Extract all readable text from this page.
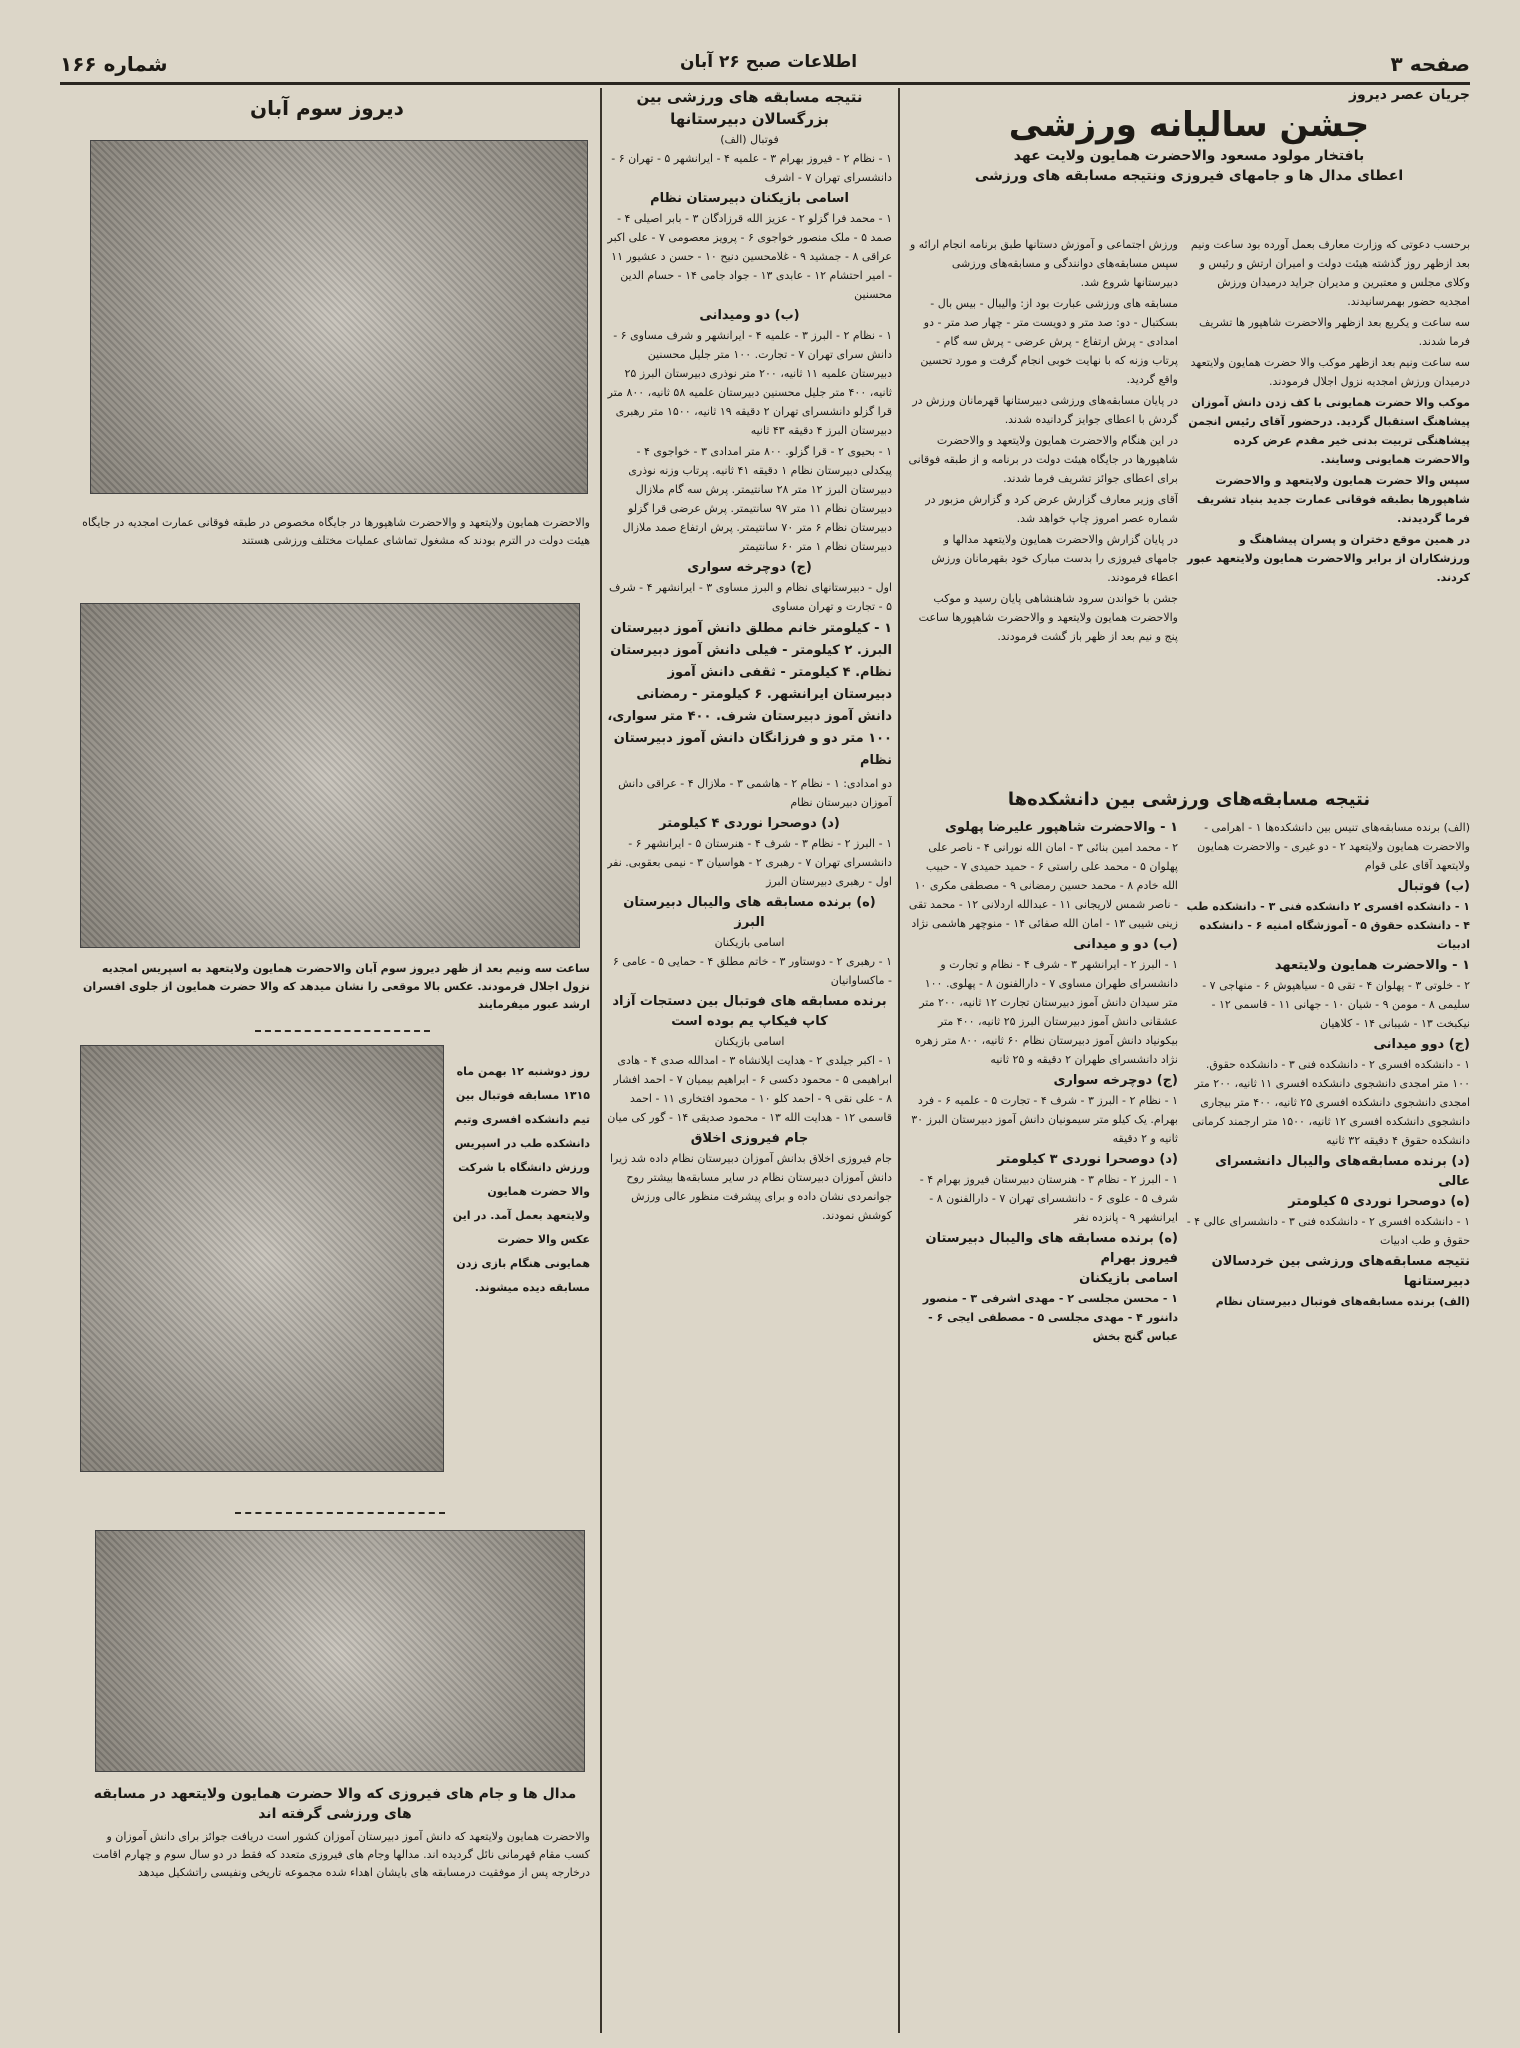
صفحه ۳
اطلاعات صبح ۲۶ آبان
شماره ۱۶۶
جریان عصر دیروز
جشن سالیانه ورزشی
بافتخار مولود مسعود والاحضرت همایون ولایت عهد
اعطای مدال ها و جامهای فیروزی ونتیجه مسابقه های ورزشی

برحسب دعوتی که وزارت معارف بعمل آورده بود ساعت ونیم بعد ازظهر روز گذشته هیئت دولت و امیران ارتش و رئیس و وکلای مجلس و معتبرین و مدیران جراید درمیدان ورزش امجدیه حضور بهمرسانیدند.

سه ساعت و یکربع بعد ازظهر والاحضرت شاهپور ها تشریف فرما شدند.

سه ساعت ونیم بعد ازظهر موکب والا حضرت همایون ولایتعهد درمیدان ورزش امجدیه نزول اجلال فرمودند.

موکب والا حضرت همایونی با کف زدن دانش آموزان پیشاهنگ استقبال گردید. درحضور آقای رئیس انجمن پیشاهنگی تربیت بدنی خیر مقدم عرض کرده والاحضرت همایونی وسایند.

سپس والا حضرت همایون ولایتعهد و والاحضرت شاهپورها بطبقه فوقانی عمارت جدید بنیاد تشریف فرما گردیدند.

در همین موقع دختران و پسران پیشاهنگ و ورزشکاران از برابر والاحضرت همایون ولایتعهد عبور کردند.

ورزش اجتماعی و آموزش دستانها طبق برنامه انجام ارائه و سپس مسابقه‌های دوانندگی و مسابقه‌های ورزشی دبیرستانها شروع شد.

مسابقه های ورزشی عبارت بود از: والیبال - بیس بال - بسکتبال - دو: صد متر و دویست متر - چهار صد متر - دو امدادی - پرش ارتفاع - پرش عرضی - پرش سه گام - پرتاب وزنه که با نهایت خوبی انجام گرفت و مورد تحسین واقع گردید.

در پایان مسابقه‌های ورزشی دبیرستانها قهرمانان ورزش در گردش با اعطای جوایز گردانیده شدند.

در این هنگام والاحضرت همایون ولایتعهد و والاحضرت شاهپورها در جایگاه هیئت دولت در برنامه و از طبقه فوقانی برای اعطای جوائز تشریف فرما شدند.

آقای وزیر معارف گزارش عرض کرد و گزارش مزبور در شماره عصر امروز چاپ خواهد شد.

در پایان گزارش والاحضرت همایون ولایتعهد مدالها و جامهای فیروزی را بدست مبارک خود بقهرمانان ورزش اعطاء فرمودند.

جشن با خواندن سرود شاهنشاهی پایان رسید و موکب والاحضرت همایون ولایتعهد و والاحضرت شاهپورها ساعت پنج و نیم بعد از ظهر باز گشت فرمودند.

نتیجه مسابقه‌های ورزشی بین دانشکده‌ها

(الف) برنده مسابقه‌های تنیس بین دانشکده‌ها ۱ - اهرامی - والاحضرت همایون ولایتعهد ۲ - دو غیری - والاحضرت همایون ولایتعهد آقای علی قوام

(ب) فوتبال

۱ - دانشکده افسری ۲ دانشکده فنی ۳ - دانشکده طب ۴ - دانشکده حقوق ۵ - آموزشگاه امنیه ۶ - دانشکده ادبیات

۱ - والاحضرت همایون ولایتعهد

۲ - خلوتی ۳ - پهلوان ۴ - تقی ۵ - سیاهپوش ۶ - منهاجی ۷ - سلیمی ۸ - مومن ۹ - شیان ۱۰ - جهانی ۱۱ - قاسمی ۱۲ - نیکبخت ۱۳ - شیبانی ۱۴ - کلاهیان

(ج) دوو میدانی

۱ - دانشکده افسری ۲ - دانشکده فنی ۳ - دانشکده حقوق. ۱۰۰ متر امجدی دانشجوی دانشکده افسری ۱۱ ثانیه، ۲۰۰ متر امجدی دانشجوی دانشکده افسری ۲۵ ثانیه، ۴۰۰ متر بیجاری دانشجوی دانشکده افسری ۱۲ ثانیه، ۱۵۰۰ متر ارجمند کرمانی دانشکده حقوق ۴ دقیقه ۳۲ ثانیه

(د) برنده مسابقه‌های والیبال دانشسرای عالی
(ه) دوصحرا نوردی ۵ کیلومتر

۱ - دانشکده افسری ۲ - دانشکده فنی ۳ - دانشسرای عالی ۴ - حقوق و طب ادبیات

نتیجه مسابقه‌های ورزشی بین خردسالان دبیرستانها

(الف) برنده مسابقه‌های فوتبال دبیرستان نظام

۱ - والاحضرت شاهپور علیرضا پهلوی

۲ - محمد امین بنائی ۳ - امان الله نورانی ۴ - ناصر علی پهلوان ۵ - محمد علی راستی ۶ - حمید حمیدی ۷ - حبیب الله خادم ۸ - محمد حسین رمضانی ۹ - مصطفی مکری ۱۰ - ناصر شمس لاریجانی ۱۱ - عبدالله اردلانی ۱۲ - محمد تقی زینی شیبی ۱۳ - امان الله صفائی ۱۴ - منوچهر هاشمی نژاد

(ب) دو و میدانی

۱ - البرز ۲ - ایرانشهر ۳ - شرف ۴ - نظام و تجارت و دانشسرای طهران مساوی ۷ - دارالفنون ۸ - پهلوی. ۱۰۰ متر سیدان دانش آموز دبیرستان تجارت ۱۲ ثانیه، ۲۰۰ متر عشقانی دانش آموز دبیرستان البرز ۲۵ ثانیه، ۴۰۰ متر بیکونیاد دانش آموز دبیرستان نظام ۶۰ ثانیه، ۸۰۰ متر زهره نژاد دانشسرای طهران ۲ دقیقه و ۲۵ ثانیه

(ج) دوچرخه سواری

۱ - نظام ۲ - البرز ۳ - شرف ۴ - تجارت ۵ - علمیه ۶ - فرد بهرام. یک کیلو متر سیمونیان دانش آموز دبیرستان البرز ۳۰ ثانیه و ۲ دقیقه

(د) دوصحرا نوردی ۳ کیلومتر

۱ - البرز ۲ - نظام ۳ - هنرستان دبیرستان فیروز بهرام ۴ - شرف ۵ - علوی ۶ - دانشسرای تهران ۷ - دارالفنون ۸ - ایرانشهر ۹ - پانزده نفر

(ه) برنده مسابقه های والیبال دبیرستان فیروز بهرام
اسامی بازیکنان

۱ - محسن مجلسی ۲ - مهدی اشرفی ۳ - منصور داننور ۴ - مهدی مجلسی ۵ - مصطفی ایجی ۶ - عباس گنج بخش

نتیجه مسابقه های ورزشی بین بزرگسالان دبیرستانها
فوتبال (الف)

۱ - نظام ۲ - فیروز بهرام ۳ - علمیه ۴ - ایرانشهر ۵ - تهران ۶ - دانشسرای تهران ۷ - اشرف

اسامی بازیکنان دبیرستان نظام

۱ - محمد فرا گزلو ۲ - عزیز الله قرزادگان ۳ - بابر اصیلی ۴ - صمد ۵ - ملک منصور خواجوی ۶ - پرویز معصومی ۷ - علی اکبر عراقی ۸ - جمشید ۹ - غلامحسین دنیح ۱۰ - حسن د عشیور ۱۱ - امیر احتشام ۱۲ - عابدی ۱۳ - جواد جامی ۱۴ - حسام الدین محسنین

(ب) دو ومیدانی

۱ - نظام ۲ - البرز ۳ - علمیه ۴ - ایرانشهر و شرف مساوی ۶ - دانش سرای تهران ۷ - تجارت. ۱۰۰ متر جلیل محسنین دبیرستان علمیه ۱۱ ثانیه، ۲۰۰ متر نوذری دبیرستان البرز ۲۵ ثانیه، ۴۰۰ متر جلیل محسنین دبیرستان علمیه ۵۸ ثانیه، ۸۰۰ متر قرا گزلو دانشسرای تهران ۲ دقیقه ۱۹ ثانیه، ۱۵۰۰ متر رهبری دبیرستان البرز ۴ دقیقه ۴۳ ثانیه

۱ - بحیوی ۲ - قرا گزلو. ۸۰۰ متر امدادی ۳ - خواجوی ۴ - پیکدلی دبیرستان نظام ۱ دقیقه ۴۱ ثانیه. پرتاب وزنه نوذری دبیرستان البرز ۱۲ متر ۲۸ سانتیمتر. پرش سه گام ملازال دبیرستان نظام ۱۱ متر ۹۷ سانتیمتر. پرش عرضی قرا گزلو دبیرستان نظام ۶ متر ۷۰ سانتیمتر. پرش ارتفاع صمد ملازال دبیرستان نظام ۱ متر ۶۰ سانتیمتر

(ج) دوچرخه سواری

اول - دبیرستانهای نظام و البرز مساوی ۳ - ایرانشهر ۴ - شرف ۵ - تجارت و تهران مساوی

۱ - کیلومتر خانم مطلق دانش آموز دبیرستان البرز. ۲ کیلومتر - فیلی دانش آموز دبیرستان نظام. ۴ کیلومتر - ثقفی دانش آموز دبیرستان ایرانشهر. ۶ کیلومتر - رمضانی دانش آموز دبیرستان شرف. ۴۰۰ متر سواری، ۱۰۰ متر دو و فرزانگان دانش آموز دبیرستان نظام

دو امدادی: ۱ - نظام ۲ - هاشمی ۳ - ملازال ۴ - عراقی دانش آموزان دبیرستان نظام

(د) دوصحرا نوردی ۴ کیلومتر

۱ - البرز ۲ - نظام ۳ - شرف ۴ - هنرستان ۵ - ایرانشهر ۶ - دانشسرای تهران ۷ - رهبری ۲ - هواسیان ۳ - نیمی بعقوبی. نفر اول - رهبری دبیرستان البرز

(ه) برنده مسابقه های والیبال دبیرستان البرز
اسامی بازیکنان

۱ - رهبری ۲ - دوستاور ۳ - خاتم مطلق ۴ - حمایی ۵ - عامی ۶ - ماکساوانیان

برنده مسابقه های فوتبال بین دستجات آزاد کاپ فیکاپ یم بوده است
اسامی بازیکنان

۱ - اکبر جیلدی ۲ - هدایت ایلانشاه ۳ - امدالله صدی ۴ - هادی ابراهیمی ۵ - محمود دکسی ۶ - ابراهیم بیمیان ۷ - احمد افشار ۸ - علی نقی ۹ - احمد کلو ۱۰ - محمود افتخاری ۱۱ - احمد قاسمی ۱۲ - هدایت الله ۱۳ - محمود صدیقی ۱۴ - گور کی میان

جام فیروزی اخلاق

جام فیروزی اخلاق بدانش آموزان دبیرستان نظام داده شد زیرا دانش آموزان دبیرستان نظام در سایر مسابقه‌ها بیشتر روح جوانمردی نشان داده و برای پیشرفت منظور عالی ورزش کوشش نمودند.

دیروز سوم آبان
والاحضرت همایون ولایتعهد و والاحضرت شاهپورها در جایگاه مخصوص در طبقه فوقانی عمارت امجدیه در جایگاه هیئت دولت در الترم بودند که مشغول تماشای عملیات مختلف ورزشی هستند
ساعت سه ونیم بعد از ظهر دیروز سوم آبان والاحضرت همایون ولایتعهد به اسپریس امجدیه نزول اجلال فرمودند. عکس بالا موقعی را نشان میدهد که والا حضرت همایون از جلوی افسران ارشد عبور میفرمایند
روز دوشنبه ۱۲ بهمن ماه ۱۳۱۵ مسابقه فوتبال بین تیم دانشکده افسری وتیم دانشکده طب در اسپریس ورزش دانشگاه با شرکت والا حضرت همایون ولایتعهد بعمل آمد. در این عکس والا حضرت همایونی هنگام بازی زدن مسابقه دیده میشوند.
مدال ها و جام های فیروزی که والا حضرت همایون ولایتعهد در مسابقه های ورزشی گرفته اند
والاحضرت همایون ولایتعهد که دانش آموز دبیرستان آموزان کشور است دریافت جوائز برای دانش آموزان و کسب مقام قهرمانی نائل گردیده اند. مدالها وجام های فیروزی متعدد که فقط در دو سال سوم و چهارم اقامت درخارجه پس از موفقیت درمسابقه های بایشان اهداء شده مجموعه تاریخی ونفیسی راتشکیل میدهد
